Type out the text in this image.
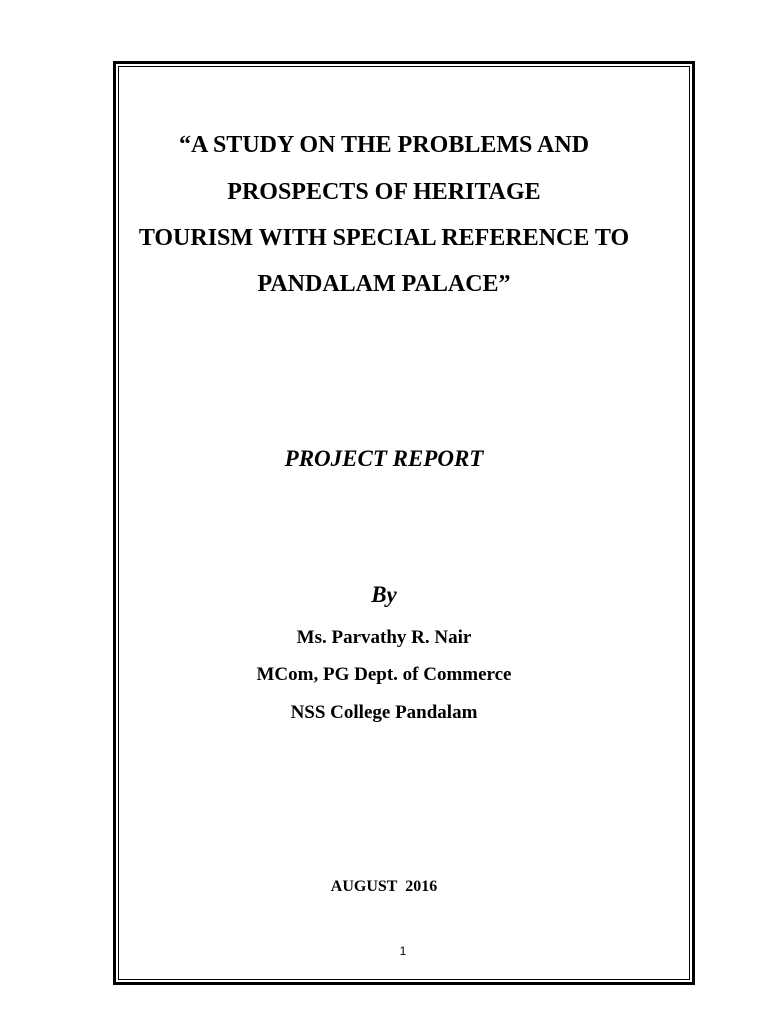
“A STUDY ON THE PROBLEMS AND
PROSPECTS OF HERITAGE
TOURISM WITH SPECIAL REFERENCE TO
PANDALAM PALACE”
PROJECT REPORT
By
Ms. Parvathy R. Nair
MCom, PG Dept. of Commerce
NSS College Pandalam
AUGUST  2016
1
